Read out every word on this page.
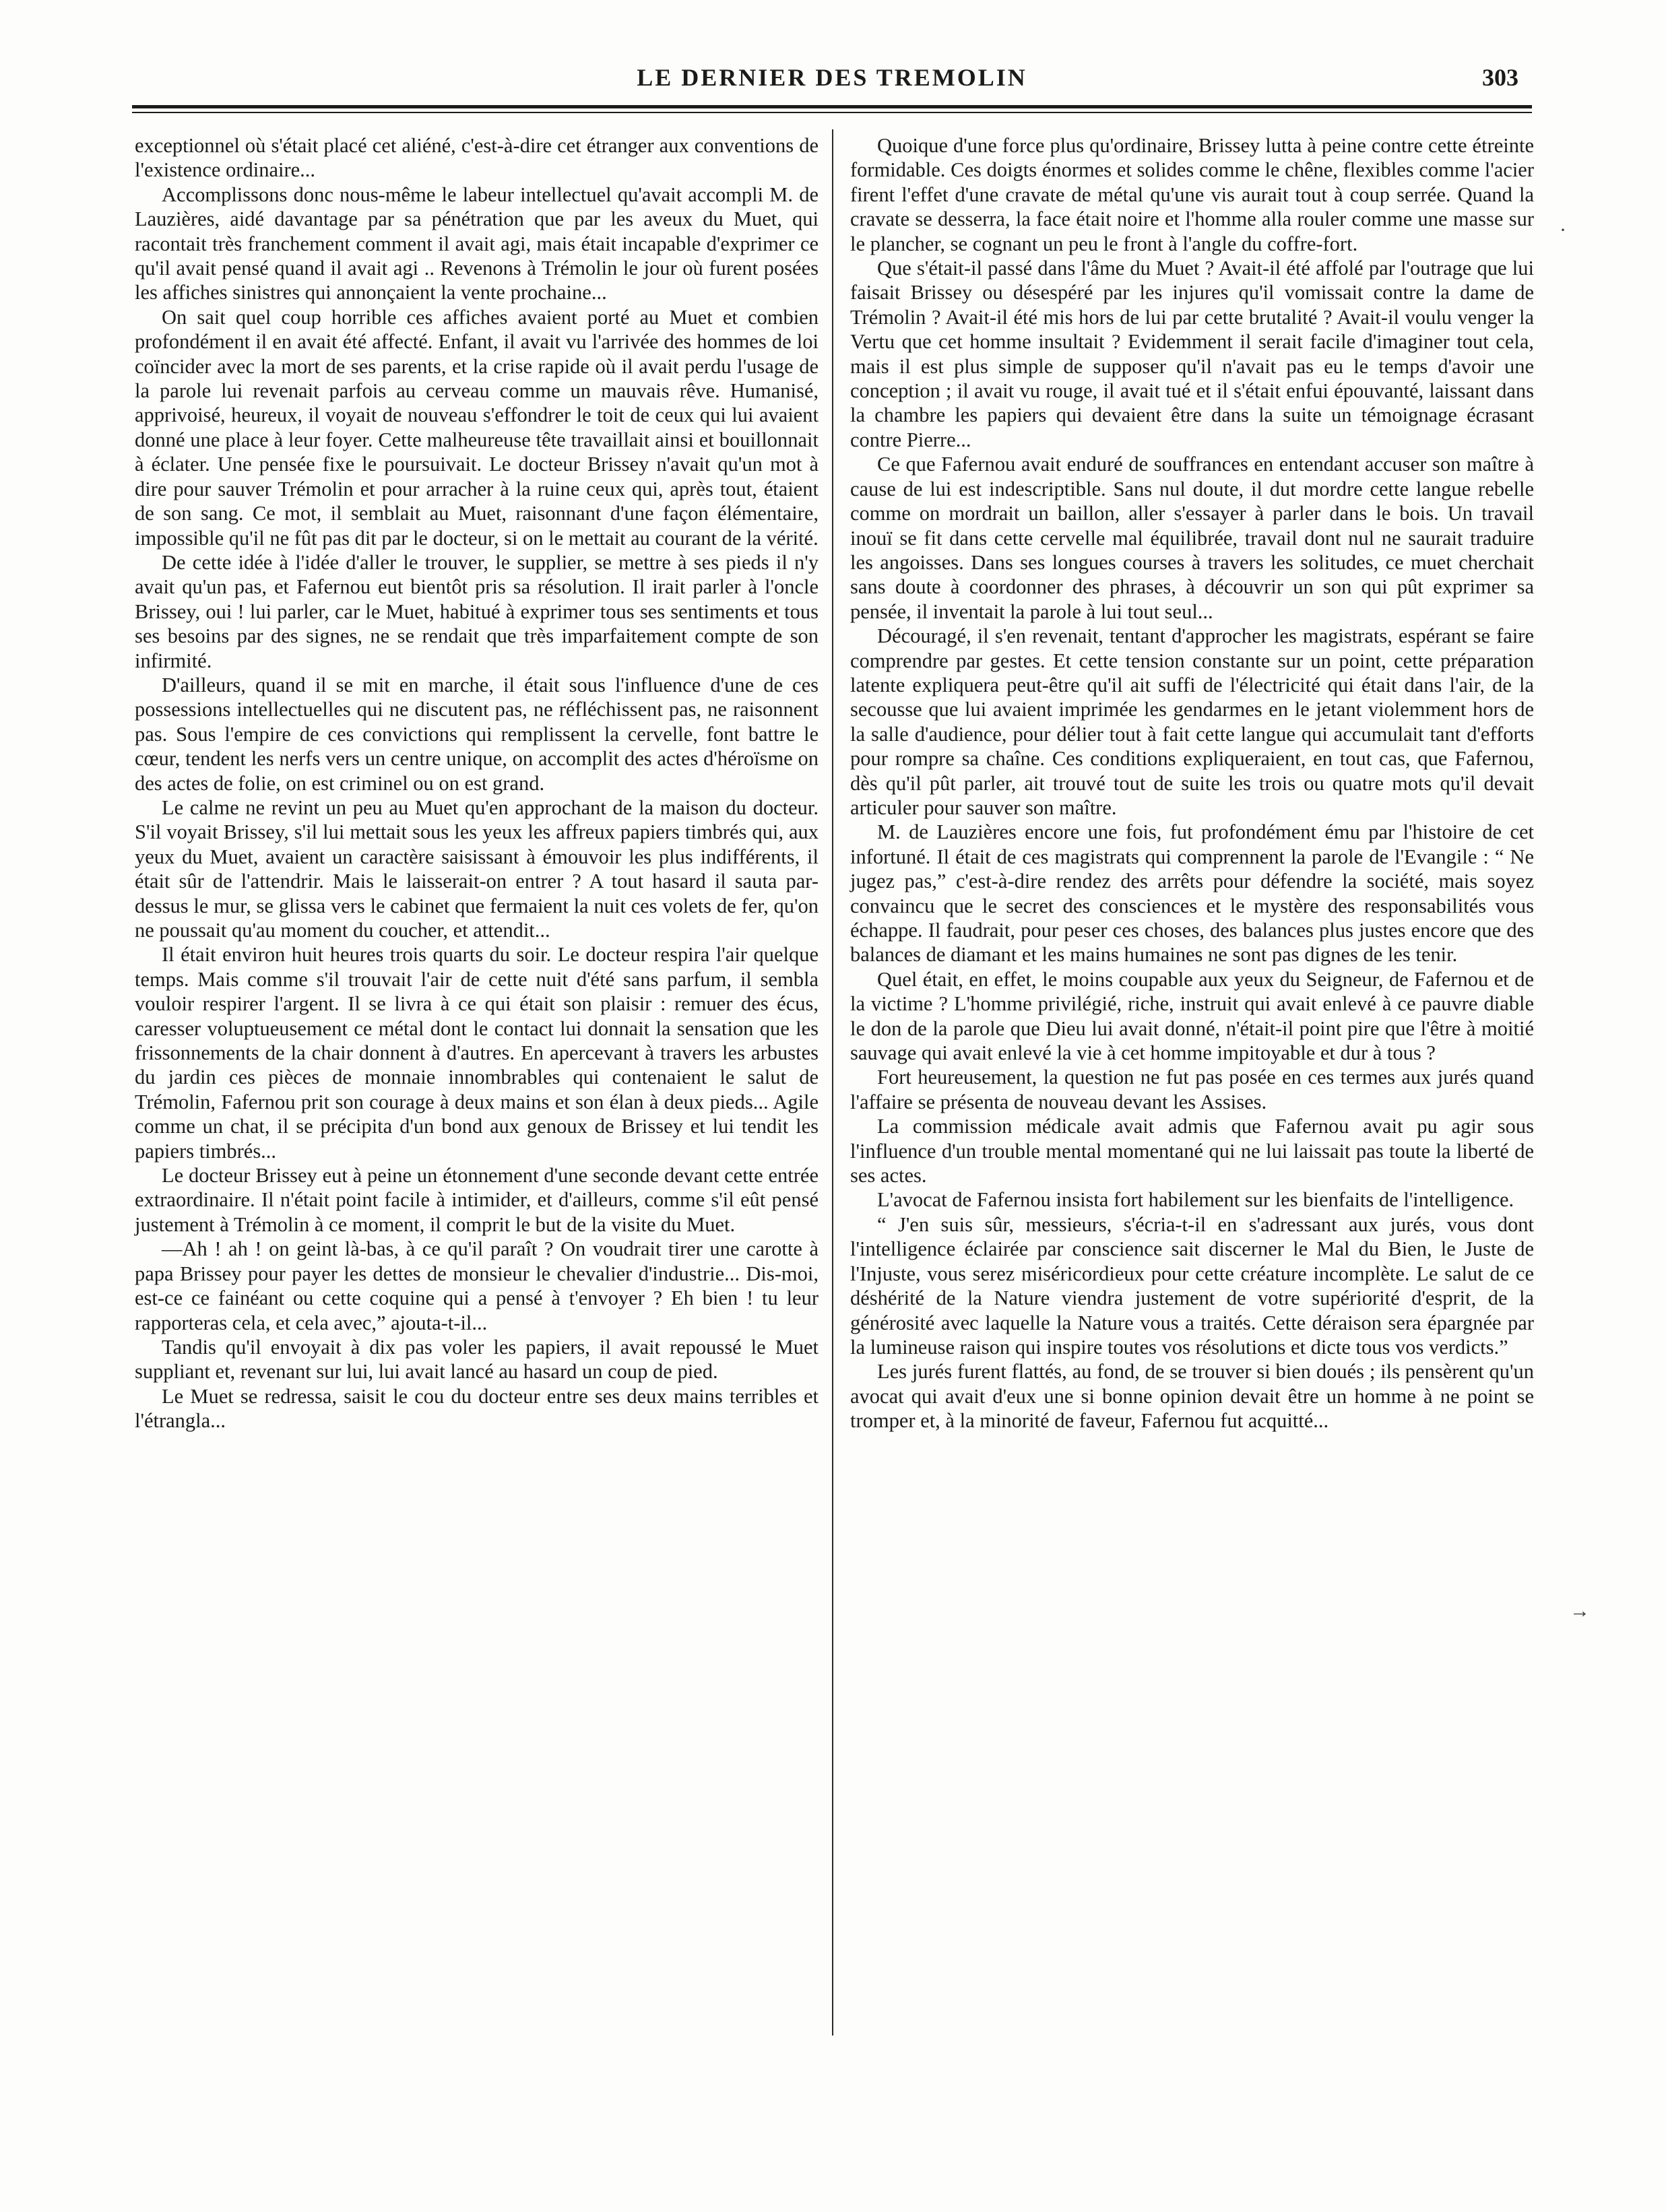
LE DERNIER DES TREMOLIN	303

exceptionnel où s'était placé cet aliéné, c'est-à-dire cet étranger aux conventions de l'existence ordinaire...

Accomplissons donc nous-même le labeur intellectuel qu'avait accompli M. de Lauzières, aidé davantage par sa pénétration que par les aveux du Muet, qui racontait très franchement comment il avait agi, mais était incapable d'exprimer ce qu'il avait pensé quand il avait agi .. Revenons à Trémolin le jour où furent posées les affiches sinistres qui annonçaient la vente prochaine...

On sait quel coup horrible ces affiches avaient porté au Muet et combien profondément il en avait été affecté. Enfant, il avait vu l'arrivée des hommes de loi coïncider avec la mort de ses parents, et la crise rapide où il avait perdu l'usage de la parole lui revenait parfois au cerveau comme un mauvais rêve. Humanisé, apprivoisé, heureux, il voyait de nouveau s'effondrer le toit de ceux qui lui avaient donné une place à leur foyer. Cette malheureuse tête travaillait ainsi et bouillonnait à éclater. Une pensée fixe le poursuivait. Le docteur Brissey n'avait qu'un mot à dire pour sauver Trémolin et pour arracher à la ruine ceux qui, après tout, étaient de son sang. Ce mot, il semblait au Muet, raisonnant d'une façon élémentaire, impossible qu'il ne fût pas dit par le docteur, si on le mettait au courant de la vérité.

De cette idée à l'idée d'aller le trouver, le supplier, se mettre à ses pieds il n'y avait qu'un pas, et Fafernou eut bientôt pris sa résolution. Il irait parler à l'oncle Brissey, oui ! lui parler, car le Muet, habitué à exprimer tous ses sentiments et tous ses besoins par des signes, ne se rendait que très imparfaitement compte de son infirmité.

D'ailleurs, quand il se mit en marche, il était sous l'influence d'une de ces possessions intellectuelles qui ne discutent pas, ne réfléchissent pas, ne raisonnent pas. Sous l'empire de ces convictions qui remplissent la cervelle, font battre le cœur, tendent les nerfs vers un centre unique, on accomplit des actes d'héroïsme on des actes de folie, on est criminel ou on est grand.

Le calme ne revint un peu au Muet qu'en approchant de la maison du docteur. S'il voyait Brissey, s'il lui mettait sous les yeux les affreux papiers timbrés qui, aux yeux du Muet, avaient un caractère saisissant à émouvoir les plus indifférents, il était sûr de l'attendrir. Mais le laisserait-on entrer ? A tout hasard il sauta par-dessus le mur, se glissa vers le cabinet que fermaient la nuit ces volets de fer, qu'on ne poussait qu'au moment du coucher, et attendit...

Il était environ huit heures trois quarts du soir. Le docteur respira l'air quelque temps. Mais comme s'il trouvait l'air de cette nuit d'été sans parfum, il sembla vouloir respirer l'argent. Il se livra à ce qui était son plaisir : remuer des écus, caresser voluptueusement ce métal dont le contact lui donnait la sensation que les frissonnements de la chair donnent à d'autres. En apercevant à travers les arbustes du jardin ces pièces de monnaie innombrables qui contenaient le salut de Trémolin, Fafernou prit son courage à deux mains et son élan à deux pieds... Agile comme un chat, il se précipita d'un bond aux genoux de Brissey et lui tendit les papiers timbrés...

Le docteur Brissey eut à peine un étonnement d'une seconde devant cette entrée extraordinaire. Il n'était point facile à intimider, et d'ailleurs, comme s'il eût pensé justement à Trémolin à ce moment, il comprit le but de la visite du Muet.

—Ah ! ah ! on geint là-bas, à ce qu'il paraît ? On voudrait tirer une carotte à papa Brissey pour payer les dettes de monsieur le chevalier d'industrie... Dis-moi, est-ce ce fainéant ou cette coquine qui a pensé à t'envoyer ? Eh bien ! tu leur rapporteras cela, et cela avec,” ajouta-t-il...

Tandis qu'il envoyait à dix pas voler les papiers, il avait repoussé le Muet suppliant et, revenant sur lui, lui avait lancé au hasard un coup de pied.

Le Muet se redressa, saisit le cou du docteur entre ses deux mains terribles et l'étrangla...

Quoique d'une force plus qu'ordinaire, Brissey lutta à peine contre cette étreinte formidable. Ces doigts énormes et solides comme le chêne, flexibles comme l'acier firent l'effet d'une cravate de métal qu'une vis aurait tout à coup serrée. Quand la cravate se desserra, la face était noire et l'homme alla rouler comme une masse sur le plancher, se cognant un peu le front à l'angle du coffre-fort.

Que s'était-il passé dans l'âme du Muet ? Avait-il été affolé par l'outrage que lui faisait Brissey ou désespéré par les injures qu'il vomissait contre la dame de Trémolin ? Avait-il été mis hors de lui par cette brutalité ? Avait-il voulu venger la Vertu que cet homme insultait ? Evidemment il serait facile d'imaginer tout cela, mais il est plus simple de supposer qu'il n'avait pas eu le temps d'avoir une conception ; il avait vu rouge, il avait tué et il s'était enfui épouvanté, laissant dans la chambre les papiers qui devaient être dans la suite un témoignage écrasant contre Pierre...

Ce que Fafernou avait enduré de souffrances en entendant accuser son maître à cause de lui est indescriptible. Sans nul doute, il dut mordre cette langue rebelle comme on mordrait un baillon, aller s'essayer à parler dans le bois. Un travail inouï se fit dans cette cervelle mal équilibrée, travail dont nul ne saurait traduire les angoisses. Dans ses longues courses à travers les solitudes, ce muet cherchait sans doute à coordonner des phrases, à découvrir un son qui pût exprimer sa pensée, il inventait la parole à lui tout seul...

Découragé, il s'en revenait, tentant d'approcher les magistrats, espérant se faire comprendre par gestes. Et cette tension constante sur un point, cette préparation latente expliquera peut-être qu'il ait suffi de l'électricité qui était dans l'air, de la secousse que lui avaient imprimée les gendarmes en le jetant violemment hors de la salle d'audience, pour délier tout à fait cette langue qui accumulait tant d'efforts pour rompre sa chaîne. Ces conditions expliqueraient, en tout cas, que Fafernou, dès qu'il pût parler, ait trouvé tout de suite les trois ou quatre mots qu'il devait articuler pour sauver son maître.

M. de Lauzières encore une fois, fut profondément ému par l'histoire de cet infortuné. Il était de ces magistrats qui comprennent la parole de l'Evangile : “ Ne jugez pas,” c'est-à-dire rendez des arrêts pour défendre la société, mais soyez convaincu que le secret des consciences et le mystère des responsabilités vous échappe. Il faudrait, pour peser ces choses, des balances plus justes encore que des balances de diamant et les mains humaines ne sont pas dignes de les tenir.

Quel était, en effet, le moins coupable aux yeux du Seigneur, de Fafernou et de la victime ? L'homme privilégié, riche, instruit qui avait enlevé à ce pauvre diable le don de la parole que Dieu lui avait donné, n'était-il point pire que l'être à moitié sauvage qui avait enlevé la vie à cet homme impitoyable et dur à tous ?

Fort heureusement, la question ne fut pas posée en ces termes aux jurés quand l'affaire se présenta de nouveau devant les Assises.

La commission médicale avait admis que Fafernou avait pu agir sous l'influence d'un trouble mental momentané qui ne lui laissait pas toute la liberté de ses actes.

L'avocat de Fafernou insista fort habilement sur les bienfaits de l'intelligence.

“ J'en suis sûr, messieurs, s'écria-t-il en s'adressant aux jurés, vous dont l'intelligence éclairée par conscience sait discerner le Mal du Bien, le Juste de l'Injuste, vous serez miséricordieux pour cette créature incomplète. Le salut de ce déshérité de la Nature viendra justement de votre supériorité d'esprit, de la générosité avec laquelle la Nature vous a traités. Cette déraison sera épargnée par la lumineuse raison qui inspire toutes vos résolutions et dicte tous vos verdicts.”

Les jurés furent flattés, au fond, de se trouver si bien doués ; ils pensèrent qu'un avocat qui avait d'eux une si bonne opinion devait être un homme à ne point se tromper et, à la minorité de faveur, Fafernou fut acquitté...

→
·
